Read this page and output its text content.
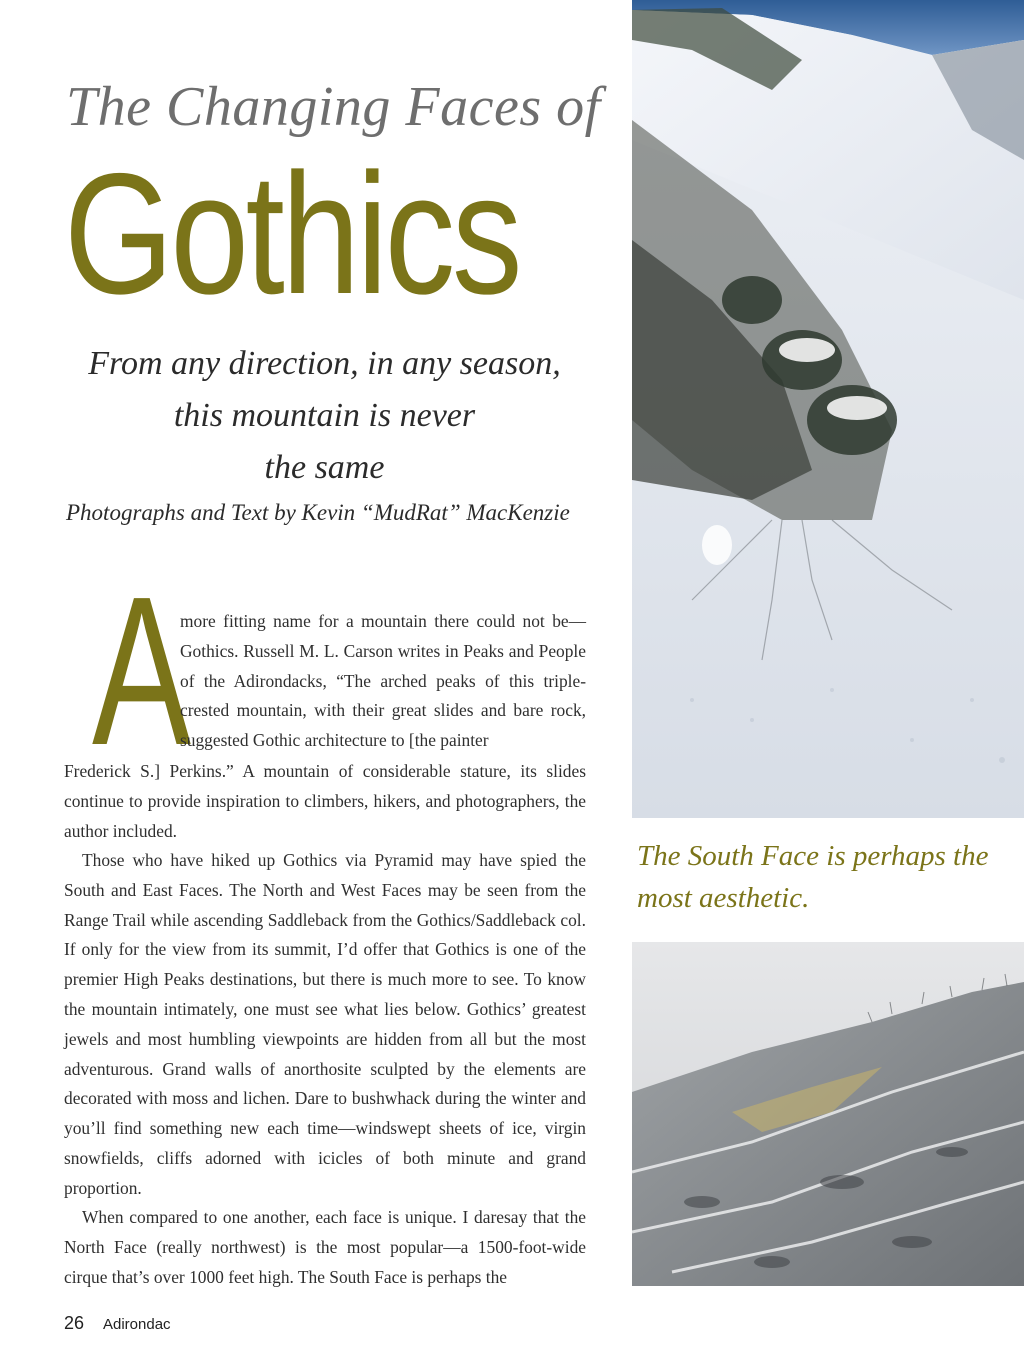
The Changing Faces of
Gothics
From any direction, in any season,
this mountain is never
the same
Photographs and Text by Kevin “MudRat” MacKenzie
A

more fitting name for a mountain there could not be—Gothics. Russell M. L. Carson writes in Peaks and People of the Adirondacks, “The arched peaks of this triple-crested mountain, with their great slides and bare rock, suggested Gothic architecture to [the painter

Frederick S.] Perkins.” A mountain of considerable stature, its slides continue to provide inspiration to climbers, hikers, and photographers, the author included.

Those who have hiked up Gothics via Pyramid may have spied the South and East Faces. The North and West Faces may be seen from the Range Trail while ascending Saddleback from the Gothics/Saddleback col. If only for the view from its summit, I’d offer that Gothics is one of the premier High Peaks destinations, but there is much more to see. To know the mountain intimately, one must see what lies below. Gothics’ greatest jewels and most humbling viewpoints are hidden from all but the most adventurous. Grand walls of anorthosite sculpted by the elements are decorated with moss and lichen. Dare to bushwhack during the winter and you’ll find something new each time—windswept sheets of ice, virgin snowfields, cliffs adorned with icicles of both minute and grand proportion.

When compared to one another, each face is unique. I daresay that the North Face (really northwest) is the most popular—a 1500-foot-wide cirque that’s over 1000 feet high. The South Face is perhaps the

The South Face is perhaps the most aesthetic.
26 Adirondac
